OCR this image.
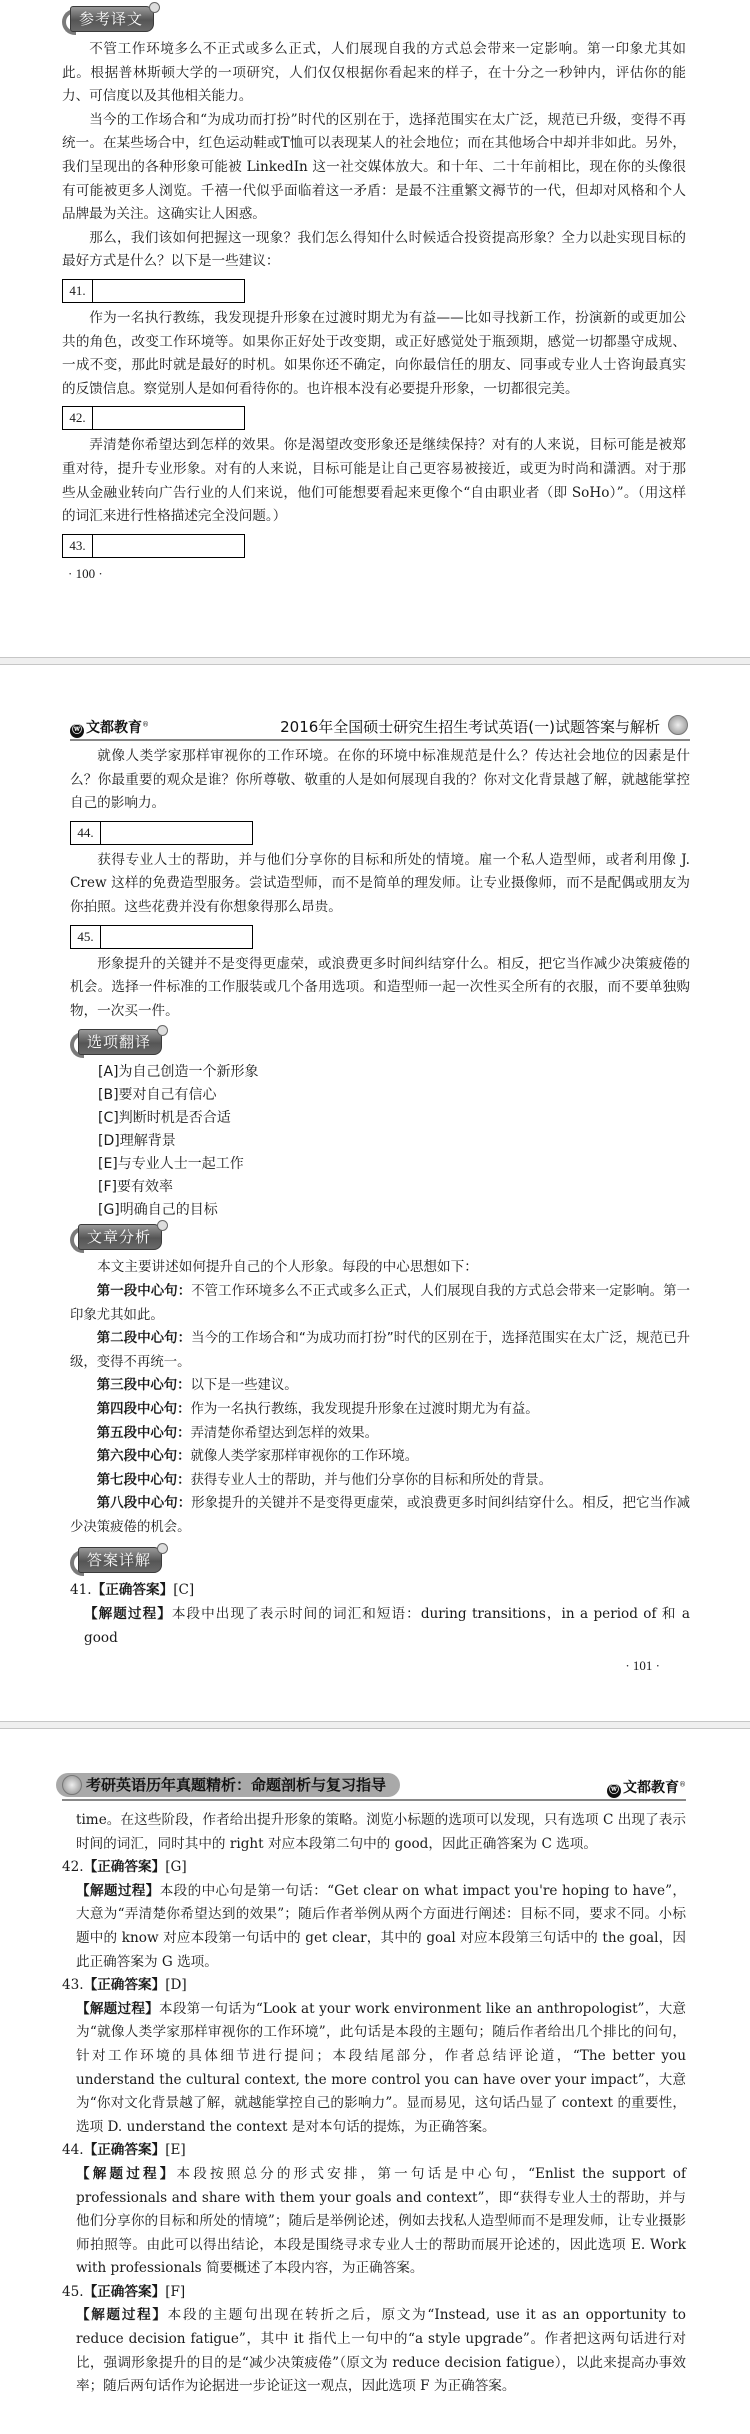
参考译文

不管工作环境多么不正式或多么正式，人们展现自我的方式总会带来一定影响。第一印象尤其如此。根据普林斯顿大学的一项研究，人们仅仅根据你看起来的样子，在十分之一秒钟内，评估你的能力、可信度以及其他相关能力。

当今的工作场合和“为成功而打扮”时代的区别在于，选择范围实在太广泛，规范已升级，变得不再统一。在某些场合中，红色运动鞋或T恤可以表现某人的社会地位；而在其他场合中却并非如此。另外，我们呈现出的各种形象可能被 LinkedIn 这一社交媒体放大。和十年、二十年前相比，现在你的头像很有可能被更多人浏览。千禧一代似乎面临着这一矛盾：是最不注重繁文褥节的一代，但却对风格和个人品牌最为关注。这确实让人困惑。

那么，我们该如何把握这一现象？我们怎么得知什么时候适合投资提高形象？全力以赴实现目标的最好方式是什么？以下是一些建议：

41.

作为一名执行教练，我发现提升形象在过渡时期尤为有益——比如寻找新工作，扮演新的或更加公共的角色，改变工作环境等。如果你正好处于改变期，或正好感觉处于瓶颈期，感觉一切都墨守成规、一成不变，那此时就是最好的时机。如果你还不确定，向你最信任的朋友、同事或专业人士咨询最真实的反馈信息。察觉别人是如何看待你的。也许根本没有必要提升形象，一切都很完美。

42.

弄清楚你希望达到怎样的效果。你是渴望改变形象还是继续保持？对有的人来说，目标可能是被郑重对待，提升专业形象。对有的人来说，目标可能是让自己更容易被接近，或更为时尚和潇洒。对于那些从金融业转向广告行业的人们来说，他们可能想要看起来更像个“自由职业者（即 SoHo）”。（用这样的词汇来进行性格描述完全没问题。）

43.
· 100 ·
ⓦ 文都教育®	2016年全国硕士研究生招生考试英语(一)试题答案与解析

就像人类学家那样审视你的工作环境。在你的环境中标准规范是什么？传达社会地位的因素是什么？你最重要的观众是谁？你所尊敬、敬重的人是如何展现自我的？你对文化背景越了解，就越能掌控自己的影响力。

44.

获得专业人士的帮助，并与他们分享你的目标和所处的情境。雇一个私人造型师，或者利用像 J. Crew 这样的免费造型服务。尝试造型师，而不是简单的理发师。让专业摄像师，而不是配偶或朋友为你拍照。这些花费并没有你想象得那么昂贵。

45.

形象提升的关键并不是变得更虚荣，或浪费更多时间纠结穿什么。相反，把它当作减少决策疲倦的机会。选择一件标准的工作服装或几个备用选项。和造型师一起一次性买全所有的衣服，而不要单独购物，一次买一件。

选项翻译
[A]为自己创造一个新形象
[B]要对自己有信心
[C]判断时机是否合适
[D]理解背景
[E]与专业人士一起工作
[F]要有效率
[G]明确自己的目标
文章分析

本文主要讲述如何提升自己的个人形象。每段的中心思想如下：

第一段中心句：不管工作环境多么不正式或多么正式，人们展现自我的方式总会带来一定影响。第一印象尤其如此。

第二段中心句：当今的工作场合和“为成功而打扮”时代的区别在于，选择范围实在太广泛，规范已升级，变得不再统一。

第三段中心句：以下是一些建议。

第四段中心句：作为一名执行教练，我发现提升形象在过渡时期尤为有益。

第五段中心句：弄清楚你希望达到怎样的效果。

第六段中心句：就像人类学家那样审视你的工作环境。

第七段中心句：获得专业人士的帮助，并与他们分享你的目标和所处的背景。

第八段中心句：形象提升的关键并不是变得更虚荣，或浪费更多时间纠结穿什么。相反，把它当作减少决策疲倦的机会。

答案详解

41.【正确答案】[C]

【解题过程】本段中出现了表示时间的词汇和短语：during transitions，in a period of 和 a good

· 101 ·
考研英语历年真题精析：命题剖析与复习指导	ⓦ 文都教育®

time。在这些阶段，作者给出提升形象的策略。浏览小标题的选项可以发现，只有选项 C 出现了表示时间的词汇，同时其中的 right 对应本段第二句中的 good，因此正确答案为 C 选项。

42.【正确答案】[G]

【解题过程】本段的中心句是第一句话：“Get clear on what impact you're hoping to have”，大意为“弄清楚你希望达到的效果”；随后作者举例从两个方面进行阐述：目标不同，要求不同。小标题中的 know 对应本段第一句话中的 get clear，其中的 goal 对应本段第三句话中的 the goal，因此正确答案为 G 选项。

43.【正确答案】[D]

【解题过程】本段第一句话为“Look at your work environment like an anthropologist”，大意为“就像人类学家那样审视你的工作环境”，此句话是本段的主题句；随后作者给出几个排比的问句，针对工作环境的具体细节进行提问；本段结尾部分，作者总结评论道，“The better you understand the cultural context, the more control you can have over your impact”，大意为“你对文化背景越了解，就越能掌控自己的影响力”。显而易见，这句话凸显了 context 的重要性，选项 D. understand the context 是对本句话的提炼，为正确答案。

44.【正确答案】[E]

【解题过程】本段按照总分的形式安排，第一句话是中心句，“Enlist the support of professionals and share with them your goals and context”，即“获得专业人士的帮助，并与他们分享你的目标和所处的情境”；随后是举例论述，例如去找私人造型师而不是理发师，让专业摄影师拍照等。由此可以得出结论，本段是围绕寻求专业人士的帮助而展开论述的，因此选项 E. Work with professionals 简要概述了本段内容，为正确答案。

45.【正确答案】[F]

【解题过程】本段的主题句出现在转折之后，原文为“Instead, use it as an opportunity to reduce decision fatigue”，其中 it 指代上一句中的“a style upgrade”。作者把这两句话进行对比，强调形象提升的目的是“减少决策疲倦”（原文为 reduce decision fatigue），以此来提高办事效率；随后两句话作为论据进一步论证这一观点，因此选项 F 为正确答案。
